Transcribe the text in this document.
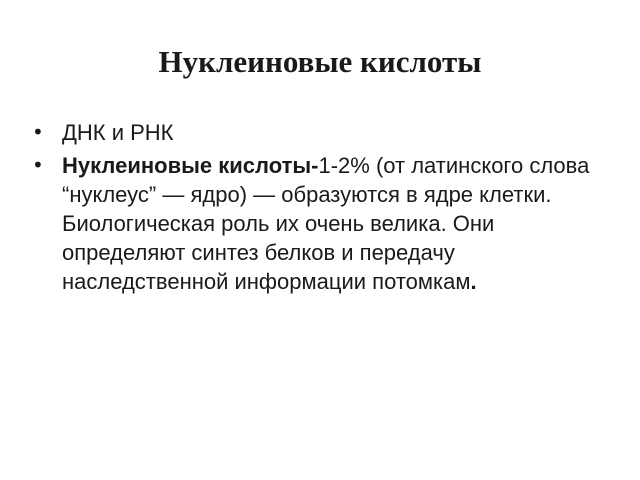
Нуклеиновые кислоты
• ДНК и РНК
• Нуклеиновые кислоты-1-2% (от латинского слова “нуклеус” — ядро) — образуются в ядре клетки. Биологическая роль их очень велика. Они определяют синтез белков и передачу наследственной информации потомкам.
